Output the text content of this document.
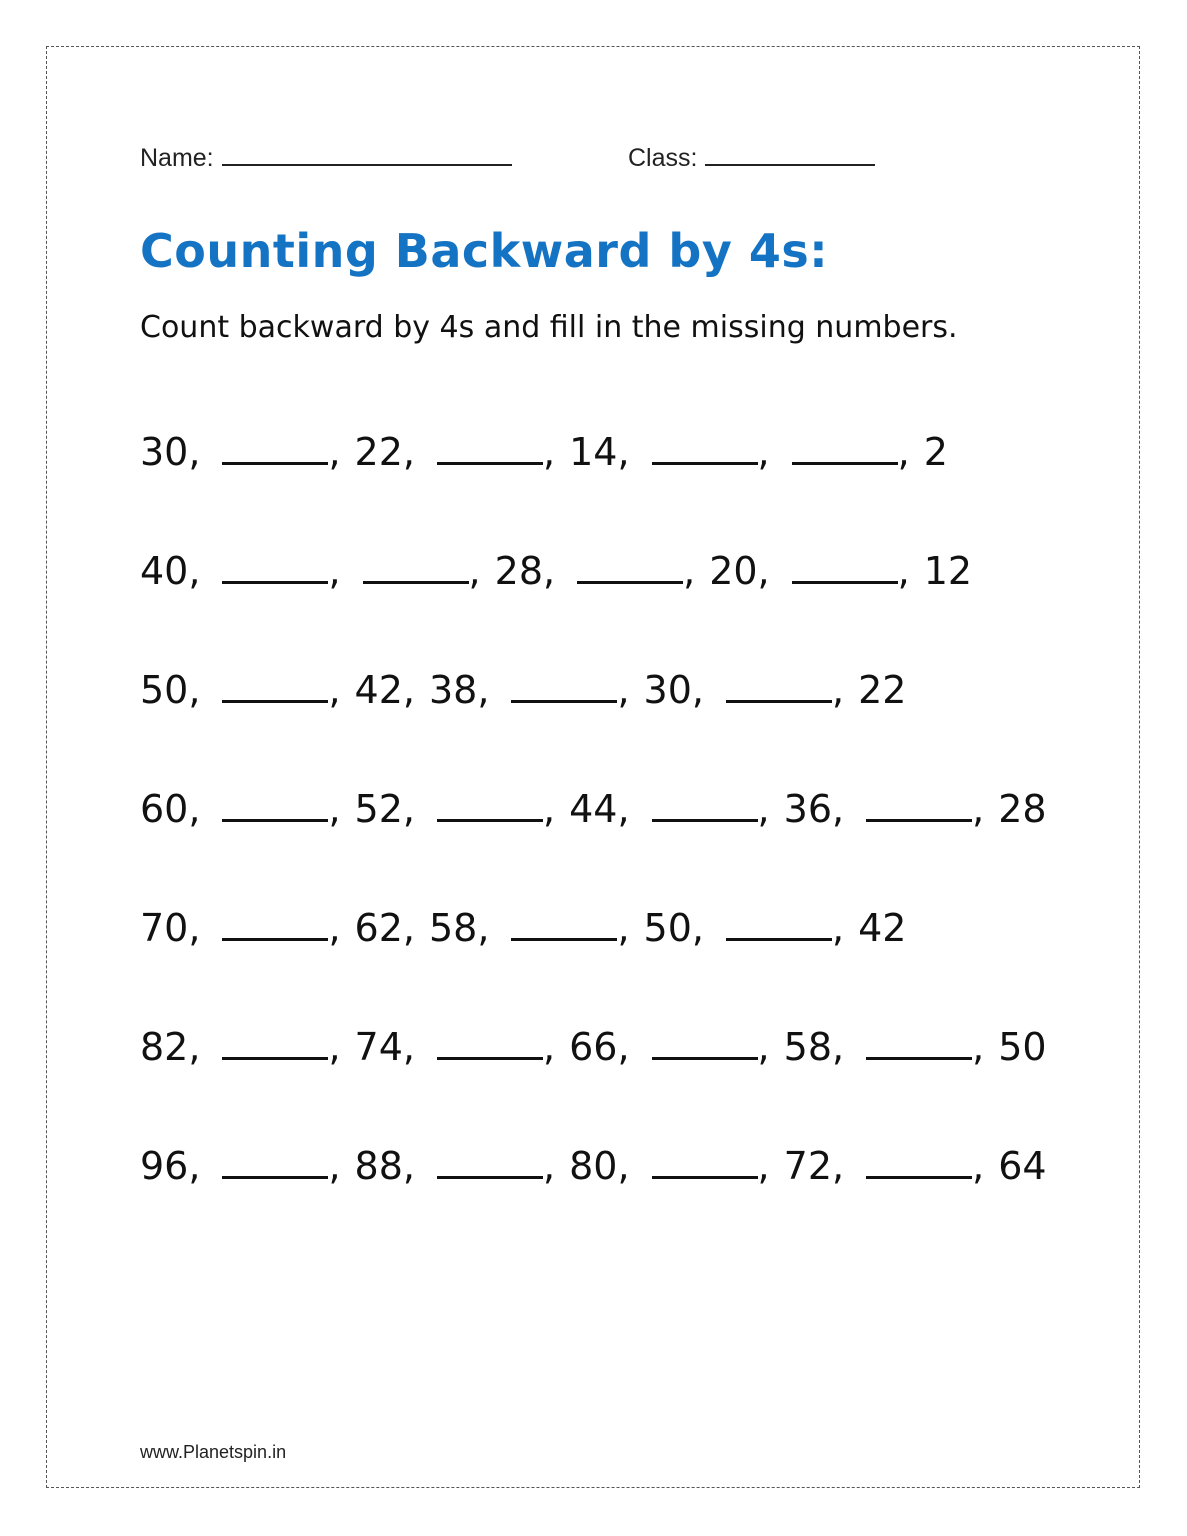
Name:	Class:
Counting Backward by 4s:

Count backward by 4s and fill in the missing numbers.

30 ,	, 22 ,	, 14 ,	,	, 2
40 ,	,	, 28 ,	, 20 ,	, 12
50 ,	, 42 , 38 ,	, 30 ,	, 22
60 ,	, 52 ,	, 44 ,	, 36 ,	, 28
70 ,	, 62 , 58 ,	, 50 ,	, 42
82 ,	, 74 ,	, 66 ,	, 58 ,	, 50
96 ,	, 88 ,	, 80 ,	, 72 ,	, 64
www.Planetspin.in
